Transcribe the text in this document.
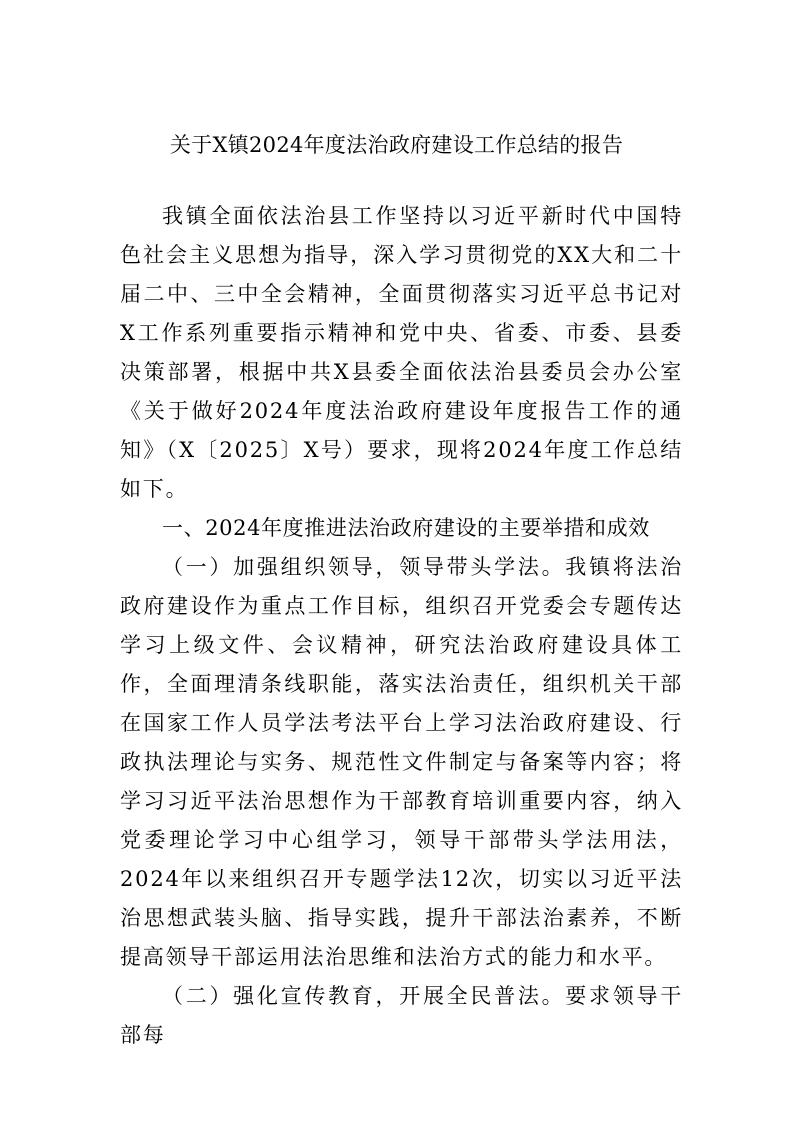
关于X镇2024年度法治政府建设工作总结的报告

我镇全面依法治县工作坚持以习近平新时代中国特色社会主义思想为指导，深入学习贯彻党的XX大和二十届二中、三中全会精神，全面贯彻落实习近平总书记对X工作系列重要指示精神和党中央、省委、市委、县委决策部署，根据中共X县委全面依法治县委员会办公室《关于做好2024年度法治政府建设年度报告工作的通知》（X〔2025〕X号）要求，现将2024年度工作总结如下。

一、2024年度推进法治政府建设的主要举措和成效

（一）加强组织领导，领导带头学法。我镇将法治政府建设作为重点工作目标，组织召开党委会专题传达学习上级文件、会议精神，研究法治政府建设具体工作，全面理清条线职能，落实法治责任，组织机关干部在国家工作人员学法考法平台上学习法治政府建设、行政执法理论与实务、规范性文件制定与备案等内容；将学习习近平法治思想作为干部教育培训重要内容，纳入党委理论学习中心组学习，领导干部带头学法用法，2024年以来组织召开专题学法12次，切实以习近平法治思想武装头脑、指导实践，提升干部法治素养，不断提高领导干部运用法治思维和法治方式的能力和水平。

（二）强化宣传教育，开展全民普法。要求领导干部每
